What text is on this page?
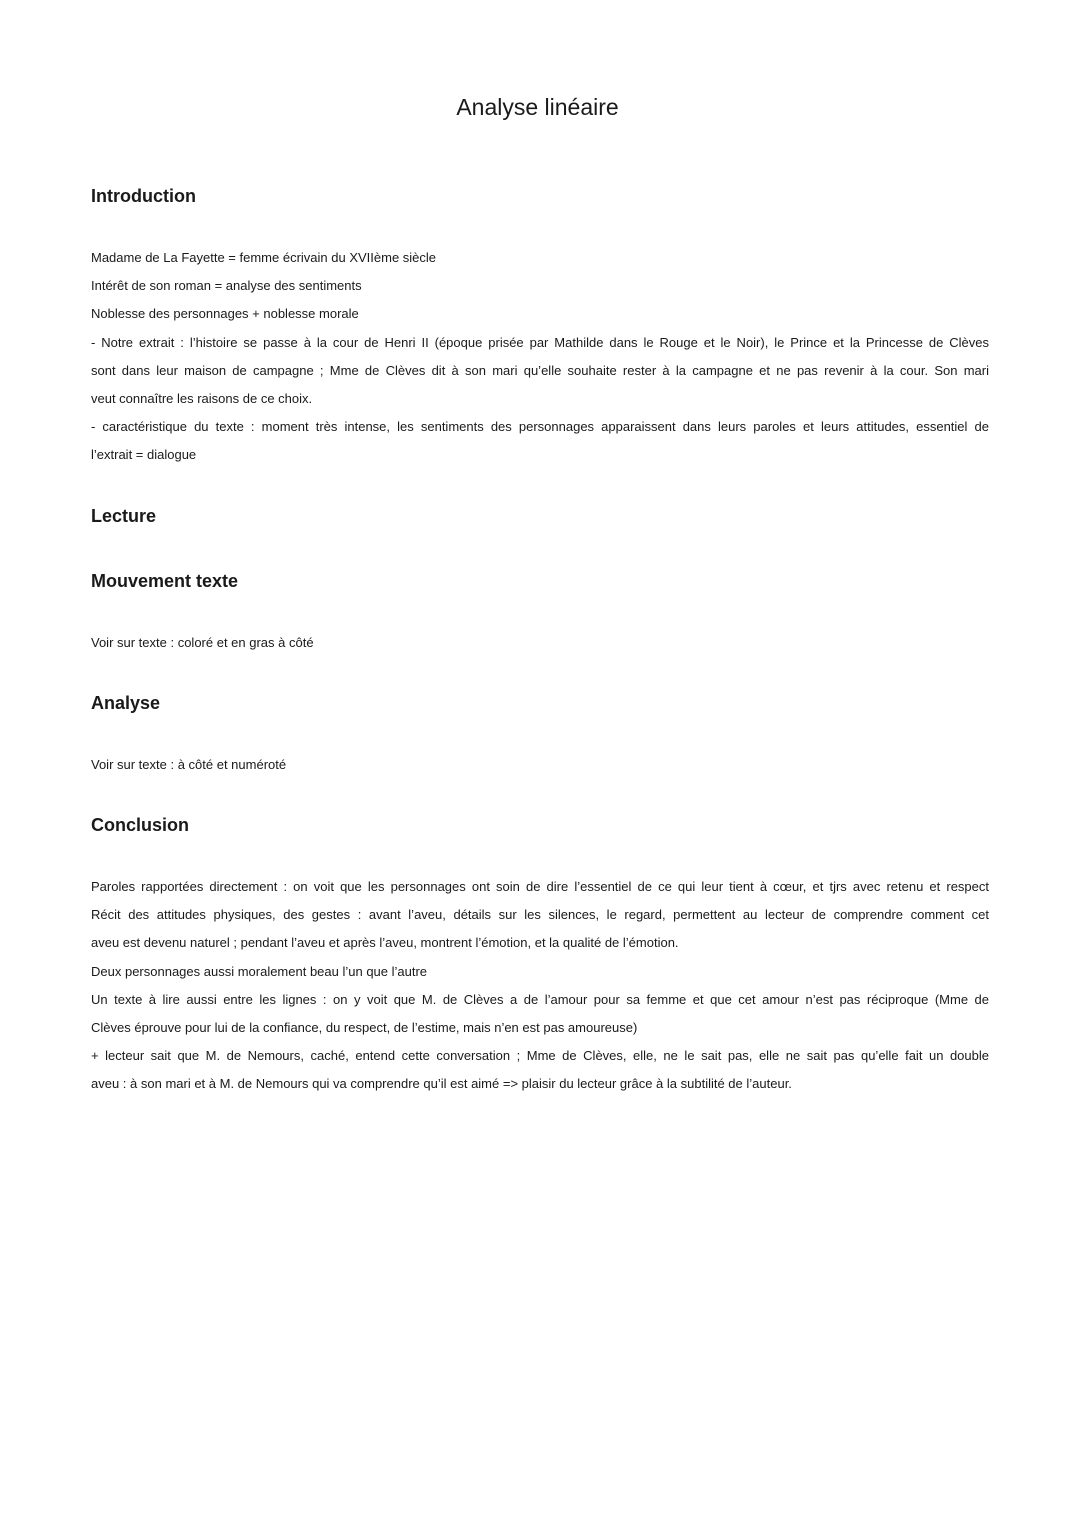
Analyse linéaire
Introduction
Madame de La Fayette = femme écrivain du XVIIème siècle
Intérêt de son roman = analyse des sentiments
Noblesse des personnages + noblesse morale
- Notre extrait : l’histoire se passe à la cour de Henri II (époque prisée par Mathilde dans le Rouge et le Noir), le Prince et la Princesse de Clèves
sont dans leur maison de campagne ; Mme de Clèves dit à son mari qu’elle souhaite rester à la campagne et ne pas revenir à la cour. Son mari
veut connaître les raisons de ce choix.
- caractéristique du texte : moment très intense, les sentiments des personnages apparaissent dans leurs paroles et leurs attitudes, essentiel de
l’extrait = dialogue
Lecture
Mouvement texte
Voir sur texte : coloré et en gras à côté
Analyse
Voir sur texte : à côté et numéroté
Conclusion
Paroles rapportées directement : on voit que les personnages ont soin de dire l’essentiel de ce qui leur tient à cœur, et tjrs avec retenu et respect
Récit des attitudes physiques, des gestes : avant l’aveu, détails sur les silences, le regard, permettent au lecteur de comprendre comment cet
aveu est devenu naturel ; pendant l’aveu et après l’aveu, montrent l’émotion, et la qualité de l’émotion.
Deux personnages aussi moralement beau l’un que l’autre
Un texte à lire aussi entre les lignes : on y voit que M. de Clèves a de l’amour pour sa femme et que cet amour n’est pas réciproque (Mme de
Clèves éprouve pour lui de la confiance, du respect, de l’estime, mais n’en est pas amoureuse)
+ lecteur sait que M. de Nemours, caché, entend cette conversation ; Mme de Clèves, elle, ne le sait pas, elle ne sait pas qu’elle fait un double
aveu : à son mari et à M. de Nemours qui va comprendre qu’il est aimé => plaisir du lecteur grâce à la subtilité de l’auteur.
